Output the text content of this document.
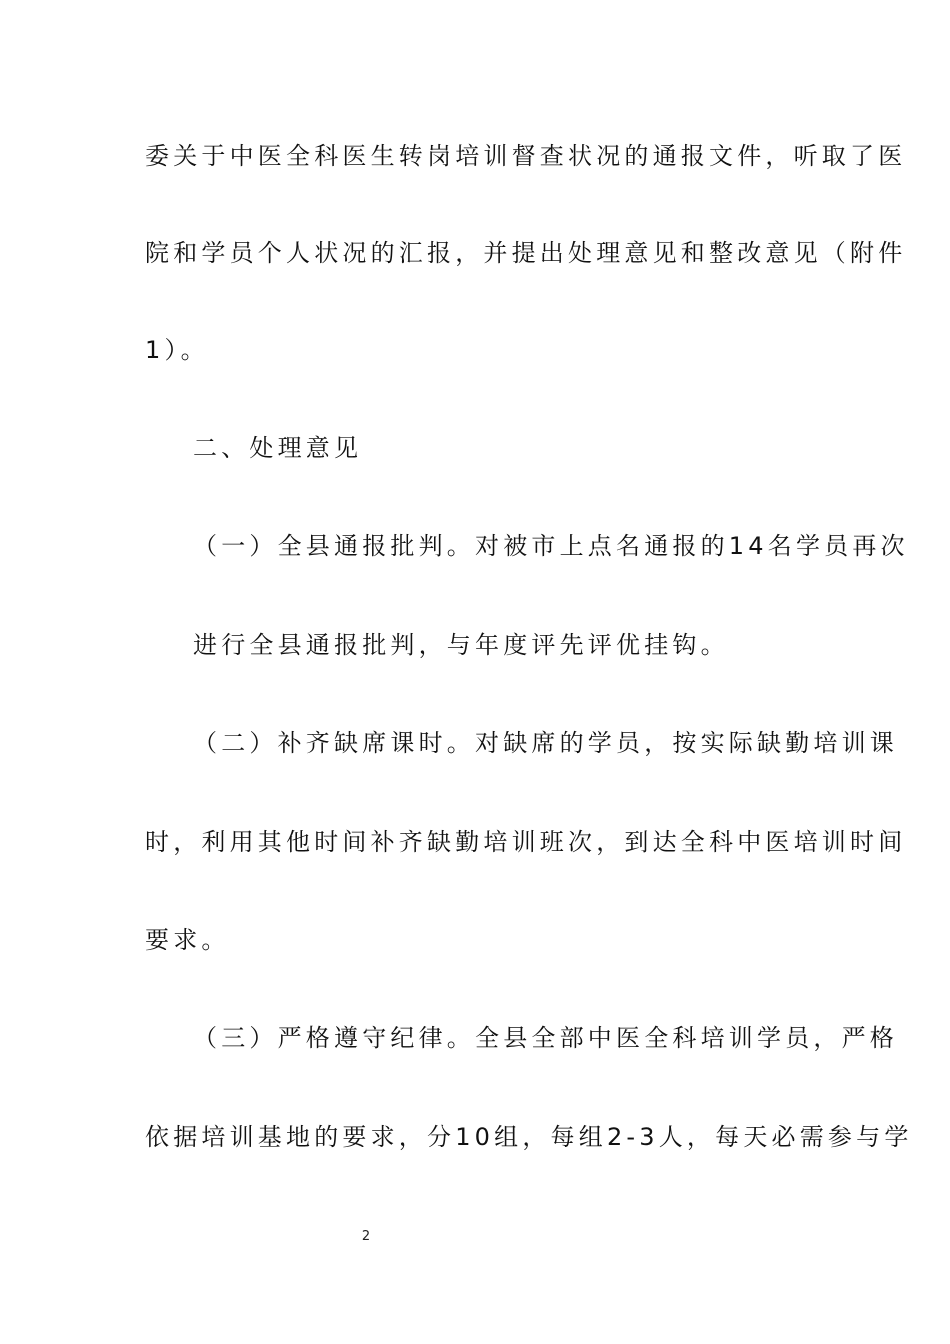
委关于中医全科医生转岗培训督查状况的通报文件，听取了医
院和学员个人状况的汇报，并提出处理意见和整改意见（附件
1）。
二、处理意见
（一）全县通报批判。对被市上点名通报的14名学员再次
进行全县通报批判，与年度评先评优挂钩。
（二）补齐缺席课时。对缺席的学员，按实际缺勤培训课
时，利用其他时间补齐缺勤培训班次，到达全科中医培训时间
要求。
（三）严格遵守纪律。全县全部中医全科培训学员，严格
依据培训基地的要求，分10组，每组2-3人，每天必需参与学
2
